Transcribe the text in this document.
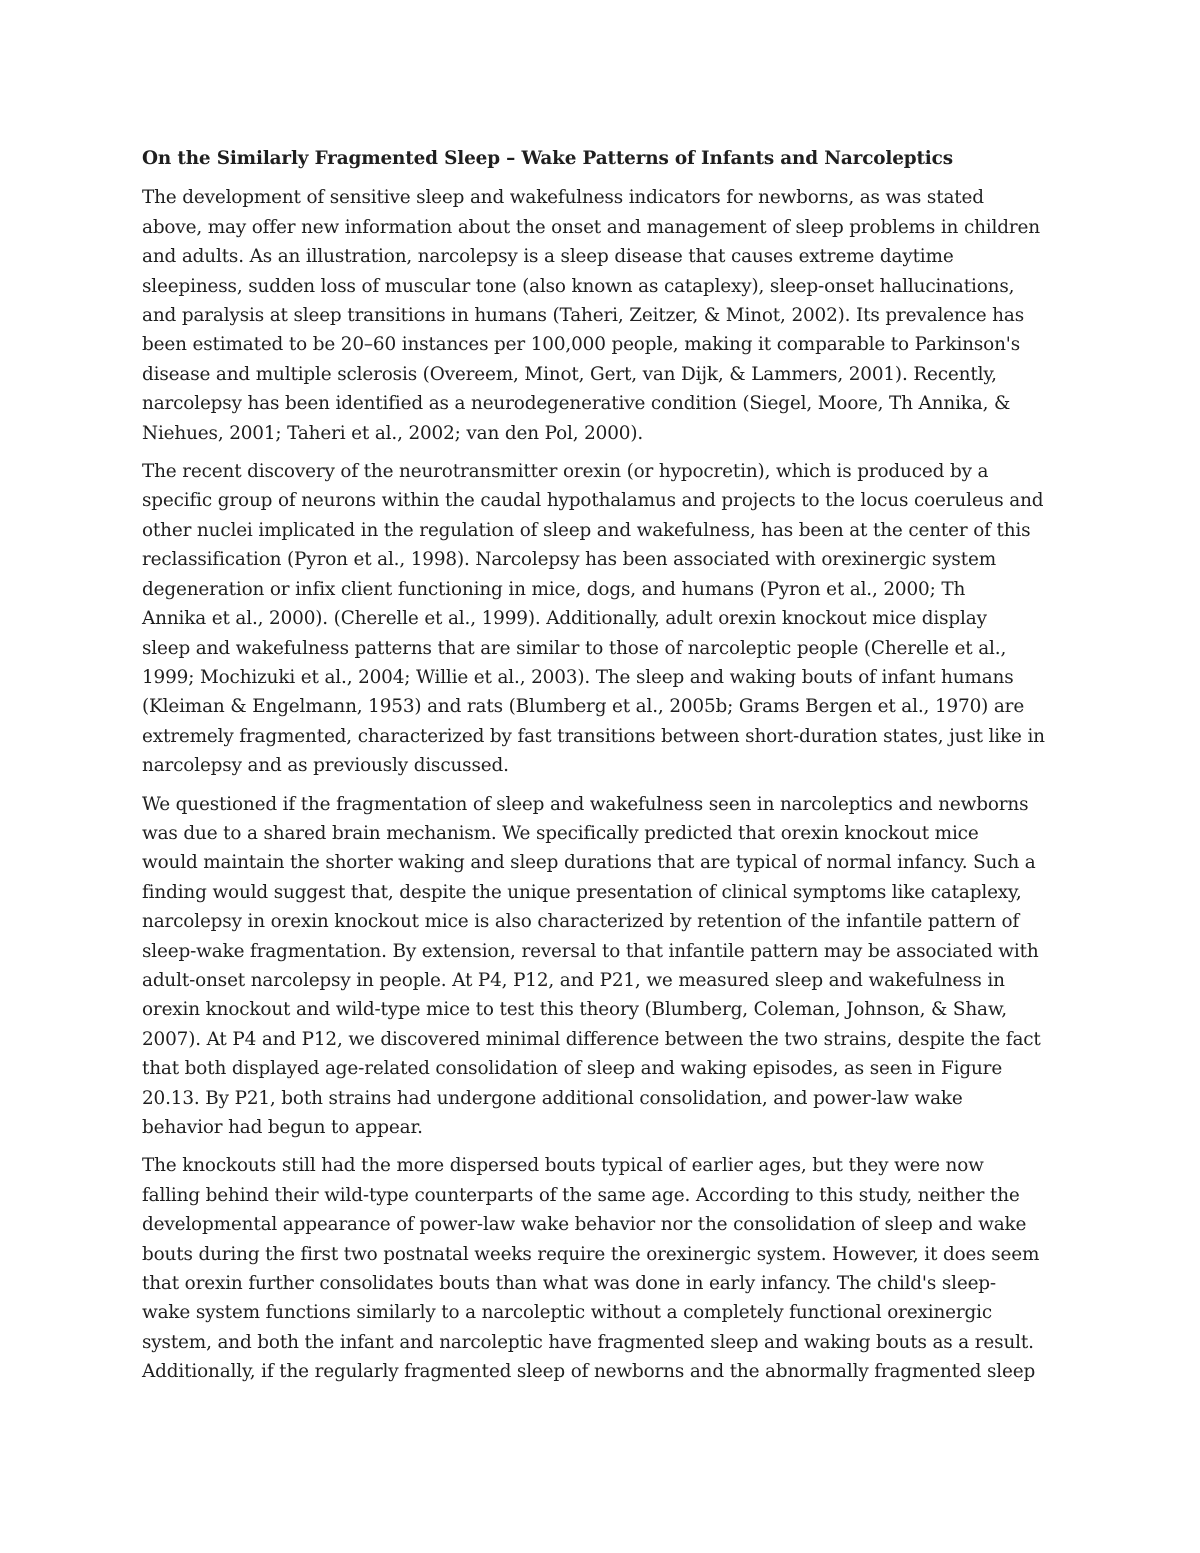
On the Similarly Fragmented Sleep – Wake Patterns of Infants and Narcoleptics
The development of sensitive sleep and wakefulness indicators for newborns, as was stated
above, may offer new information about the onset and management of sleep problems in children
and adults. As an illustration, narcolepsy is a sleep disease that causes extreme daytime
sleepiness, sudden loss of muscular tone (also known as cataplexy), sleep-onset hallucinations,
and paralysis at sleep transitions in humans (Taheri, Zeitzer, & Minot, 2002). Its prevalence has
been estimated to be 20–60 instances per 100,000 people, making it comparable to Parkinson's
disease and multiple sclerosis (Overeem, Minot, Gert, van Dijk, & Lammers, 2001). Recently,
narcolepsy has been identified as a neurodegenerative condition (Siegel, Moore, Th Annika, &
Niehues, 2001; Taheri et al., 2002; van den Pol, 2000).
The recent discovery of the neurotransmitter orexin (or hypocretin), which is produced by a
specific group of neurons within the caudal hypothalamus and projects to the locus coeruleus and
other nuclei implicated in the regulation of sleep and wakefulness, has been at the center of this
reclassification (Pyron et al., 1998). Narcolepsy has been associated with orexinergic system
degeneration or infix client functioning in mice, dogs, and humans (Pyron et al., 2000; Th
Annika et al., 2000). (Cherelle et al., 1999). Additionally, adult orexin knockout mice display
sleep and wakefulness patterns that are similar to those of narcoleptic people (Cherelle et al.,
1999; Mochizuki et al., 2004; Willie et al., 2003). The sleep and waking bouts of infant humans
(Kleiman & Engelmann, 1953) and rats (Blumberg et al., 2005b; Grams Bergen et al., 1970) are
extremely fragmented, characterized by fast transitions between short-duration states, just like in
narcolepsy and as previously discussed.
We questioned if the fragmentation of sleep and wakefulness seen in narcoleptics and newborns
was due to a shared brain mechanism. We specifically predicted that orexin knockout mice
would maintain the shorter waking and sleep durations that are typical of normal infancy. Such a
finding would suggest that, despite the unique presentation of clinical symptoms like cataplexy,
narcolepsy in orexin knockout mice is also characterized by retention of the infantile pattern of
sleep-wake fragmentation. By extension, reversal to that infantile pattern may be associated with
adult-onset narcolepsy in people. At P4, P12, and P21, we measured sleep and wakefulness in
orexin knockout and wild-type mice to test this theory (Blumberg, Coleman, Johnson, & Shaw,
2007). At P4 and P12, we discovered minimal difference between the two strains, despite the fact
that both displayed age-related consolidation of sleep and waking episodes, as seen in Figure
20.13. By P21, both strains had undergone additional consolidation, and power-law wake
behavior had begun to appear.
The knockouts still had the more dispersed bouts typical of earlier ages, but they were now
falling behind their wild-type counterparts of the same age. According to this study, neither the
developmental appearance of power-law wake behavior nor the consolidation of sleep and wake
bouts during the first two postnatal weeks require the orexinergic system. However, it does seem
that orexin further consolidates bouts than what was done in early infancy. The child's sleep-
wake system functions similarly to a narcoleptic without a completely functional orexinergic
system, and both the infant and narcoleptic have fragmented sleep and waking bouts as a result.
Additionally, if the regularly fragmented sleep of newborns and the abnormally fragmented sleep
